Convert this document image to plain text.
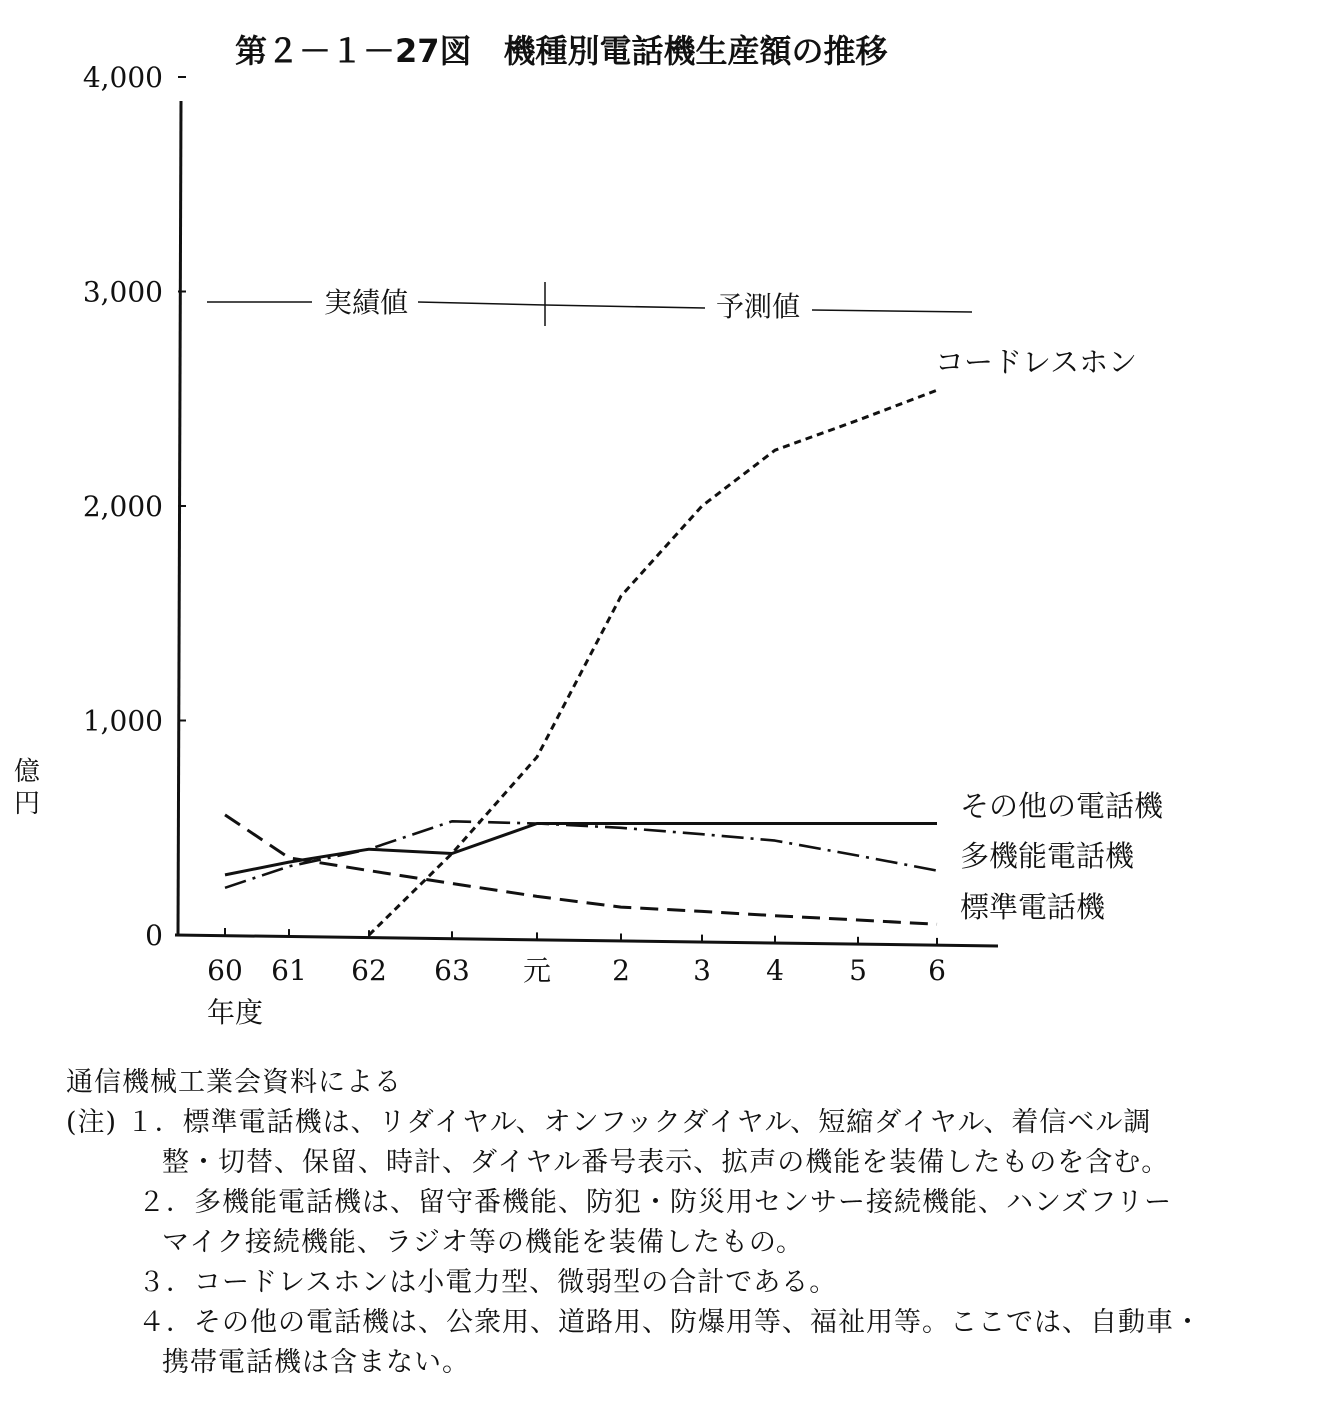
第２－１－27図　機種別電話機生産額の推移
0
1,000
2,000
3,000
4,000
60 61 62 63 元 2 3 4 5 6
実績値	予測値
コードレスホン
その他の電話機
多機能電話機
標準電話機
億
円
年度
通信機械工業会資料による
(注) １．標準電話機は、リダイヤル、オンフックダイヤル、短縮ダイヤル、着信ベル調
整・切替、保留、時計、ダイヤル番号表示、拡声の機能を装備したものを含む。
２．多機能電話機は、留守番機能、防犯・防災用センサー接続機能、ハンズフリー
マイク接続機能、ラジオ等の機能を装備したもの。
３．コードレスホンは小電力型、微弱型の合計である。
４．その他の電話機は、公衆用、道路用、防爆用等、福祉用等。ここでは、自動車・
携帯電話機は含まない。
